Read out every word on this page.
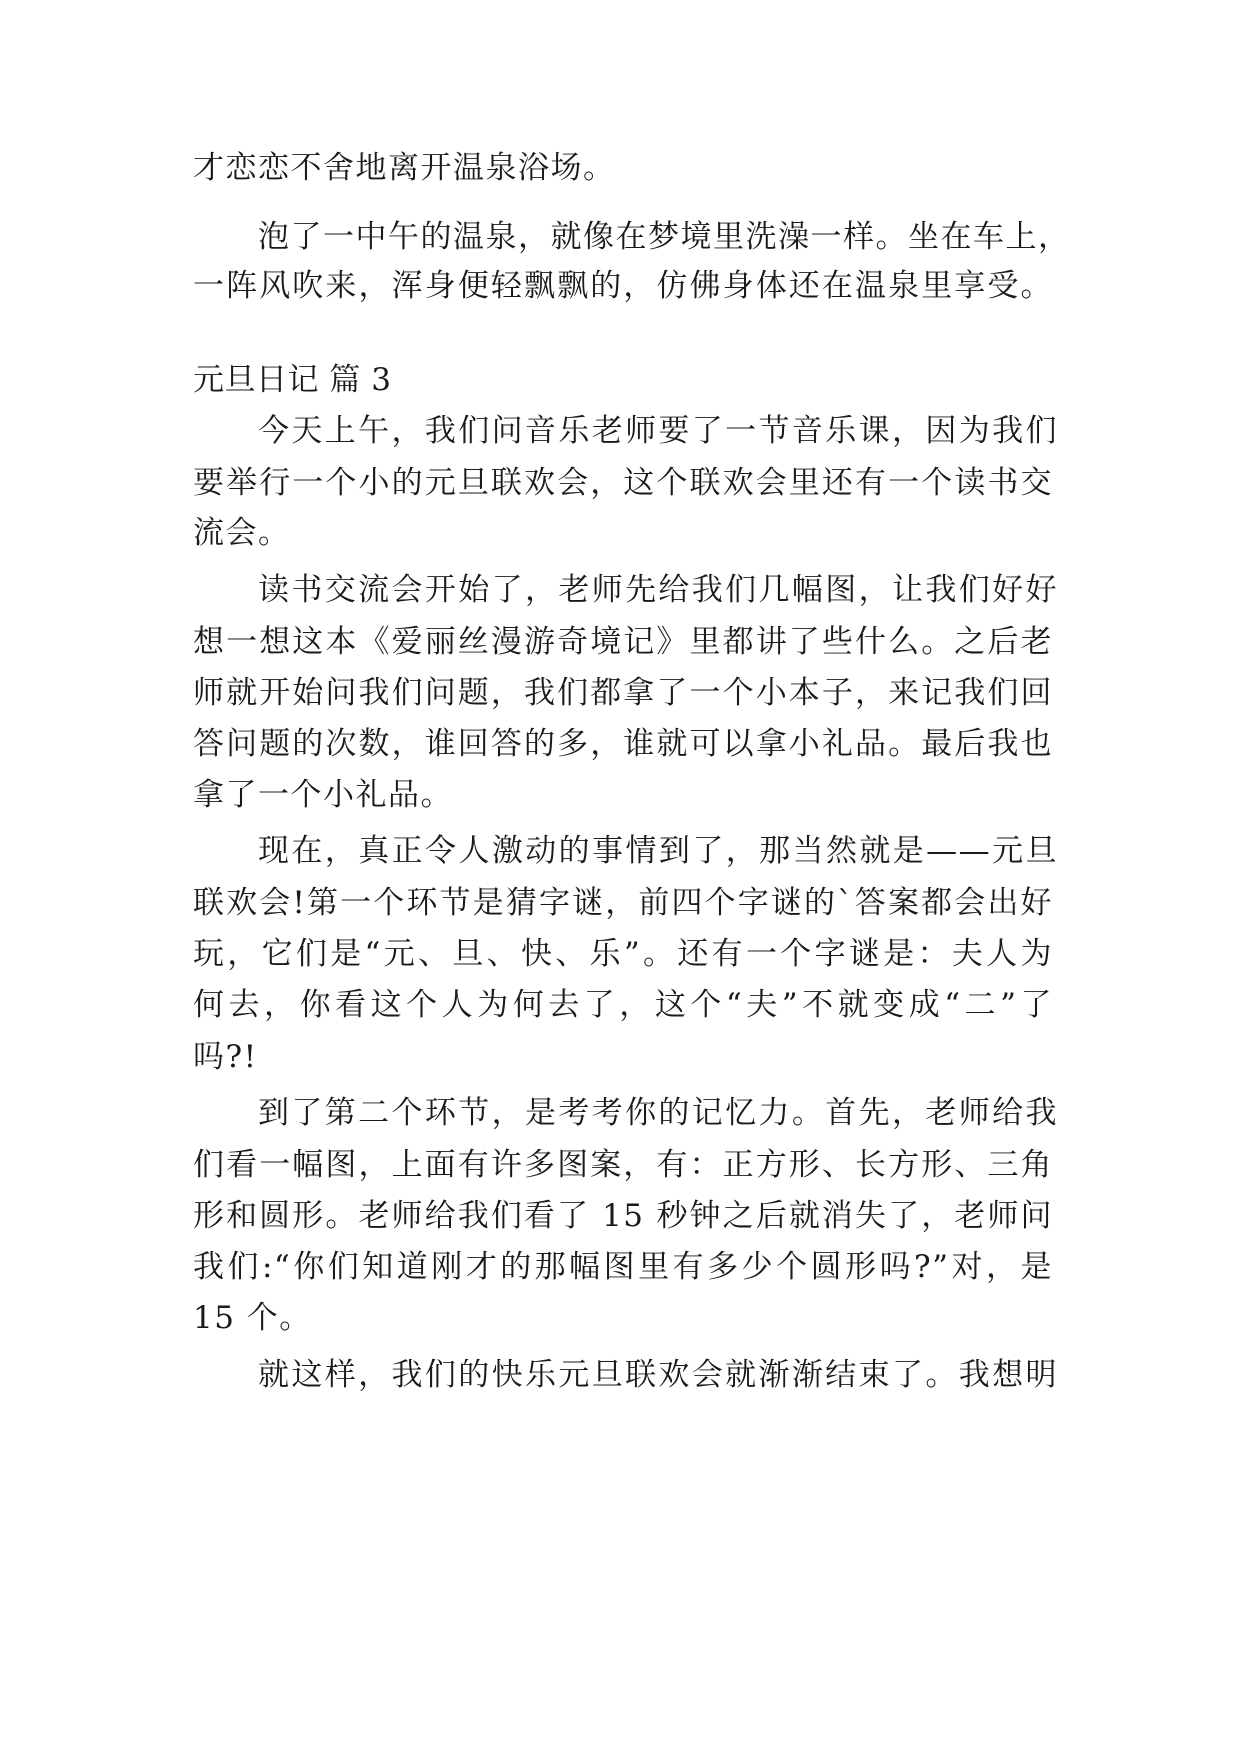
才恋恋不舍地离开温泉浴场。
泡了一中午的温泉，就像在梦境里洗澡一样。坐在车上，
一阵风吹来，浑身便轻飘飘的，仿佛身体还在温泉里享受。
元旦日记 篇 3
今天上午，我们问音乐老师要了一节音乐课，因为我们
要举行一个小的元旦联欢会，这个联欢会里还有一个读书交
流会。
读书交流会开始了，老师先给我们几幅图，让我们好好
想一想这本《爱丽丝漫游奇境记》里都讲了些什么。之后老
师就开始问我们问题，我们都拿了一个小本子，来记我们回
答问题的次数，谁回答的多，谁就可以拿小礼品。最后我也
拿了一个小礼品。
现在，真正令人激动的事情到了，那当然就是——元旦
联欢会!第一个环节是猜字谜，前四个字谜的`答案都会出好
玩，它们是“元、旦、快、乐”。还有一个字谜是：夫人为
何去，你看这个人为何去了，这个“夫”不就变成“二”了
吗?!
到了第二个环节，是考考你的记忆力。首先，老师给我
们看一幅图，上面有许多图案，有：正方形、长方形、三角
形和圆形。老师给我们看了 15 秒钟之后就消失了，老师问
我们:“你们知道刚才的那幅图里有多少个圆形吗?”对，是
15 个。
就这样，我们的快乐元旦联欢会就渐渐结束了。我想明
